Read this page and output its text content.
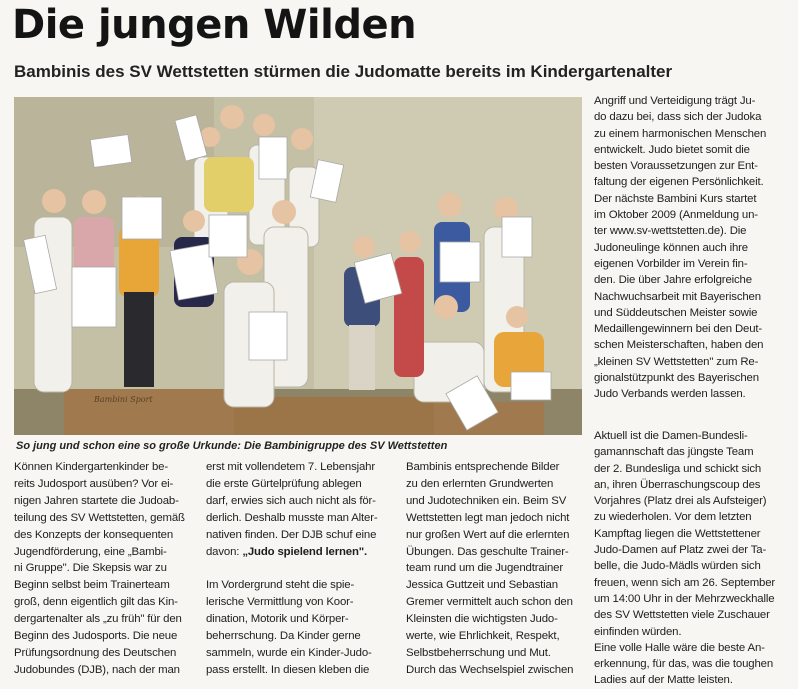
Die jungen Wilden
Bambinis des SV Wettstetten stürmen die Judomatte bereits im Kindergartenalter
Bambini Sport

So jung und schon eine so große Urkunde: Die Bambinigruppe des SV Wettstetten

Können Kindergartenkinder be-
reits Judosport ausüben? Vor ei-
nigen Jahren startete die Judoab-
teilung des SV Wettstetten, gemäß
des Konzepts der konsequenten
Jugendförderung, eine „Bambi-
ni Gruppe". Die Skepsis war zu
Beginn selbst beim Trainerteam
groß, denn eigentlich gilt das Kin-
dergartenalter als „zu früh" für den
Beginn des Judosports. Die neue
Prüfungsordnung des Deutschen
Judobundes (DJB), nach der man

erst mit vollendetem 7. Lebensjahr
die erste Gürtelprüfung ablegen
darf, erwies sich auch nicht als för-
derlich. Deshalb musste man Alter-
nativen finden. Der DJB schuf eine
davon: „Judo spielend lernen".

Im Vordergrund steht die spie-
lerische Vermittlung von Koor-
dination, Motorik und Körper-
beherrschung. Da Kinder gerne
sammeln, wurde ein Kinder-Judo-
pass erstellt. In diesen kleben die

Bambinis entsprechende Bilder
zu den erlernten Grundwerten
und Judotechniken ein. Beim SV
Wettstetten legt man jedoch nicht
nur großen Wert auf die erlernten
Übungen. Das geschulte Trainer-
team rund um die Jugendtrainer
Jessica Guttzeit und Sebastian
Gremer vermittelt auch schon den
Kleinsten die wichtigsten Judo-
werte, wie Ehrlichkeit, Respekt,
Selbstbeherrschung und Mut.
Durch das Wechselspiel zwischen

Angriff und Verteidigung trägt Ju-
do dazu bei, dass sich der Judoka
zu einem harmonischen Menschen
entwickelt. Judo bietet somit die
besten Voraussetzungen zur Ent-
faltung der eigenen Persönlichkeit.
Der nächste Bambini Kurs startet
im Oktober 2009 (Anmeldung un-
ter www.sv-wettstetten.de). Die
Judoneulinge können auch ihre
eigenen Vorbilder im Verein fin-
den. Die über Jahre erfolgreiche
Nachwuchsarbeit mit Bayerischen
und Süddeutschen Meister sowie
Medaillengewinnern bei den Deut-
schen Meisterschaften, haben den
„kleinen SV Wettstetten" zum Re-
gionalstützpunkt des Bayerischen
Judo Verbands werden lassen.

Aktuell ist die Damen-Bundesli-
gamannschaft das jüngste Team
der 2. Bundesliga und schickt sich
an, ihren Überraschungscoup des
Vorjahres (Platz drei als Aufsteiger)
zu wiederholen. Vor dem letzten
Kampftag liegen die Wettstettener
Judo-Damen auf Platz zwei der Ta-
belle, die Judo-Mädls würden sich
freuen, wenn sich am 26. September
um 14:00 Uhr in der Mehrzweckhalle
des SV Wettstetten viele Zuschauer
einfinden würden.
Eine volle Halle wäre die beste An-
erkennung, für das, was die toughen
Ladies auf der Matte leisten.
